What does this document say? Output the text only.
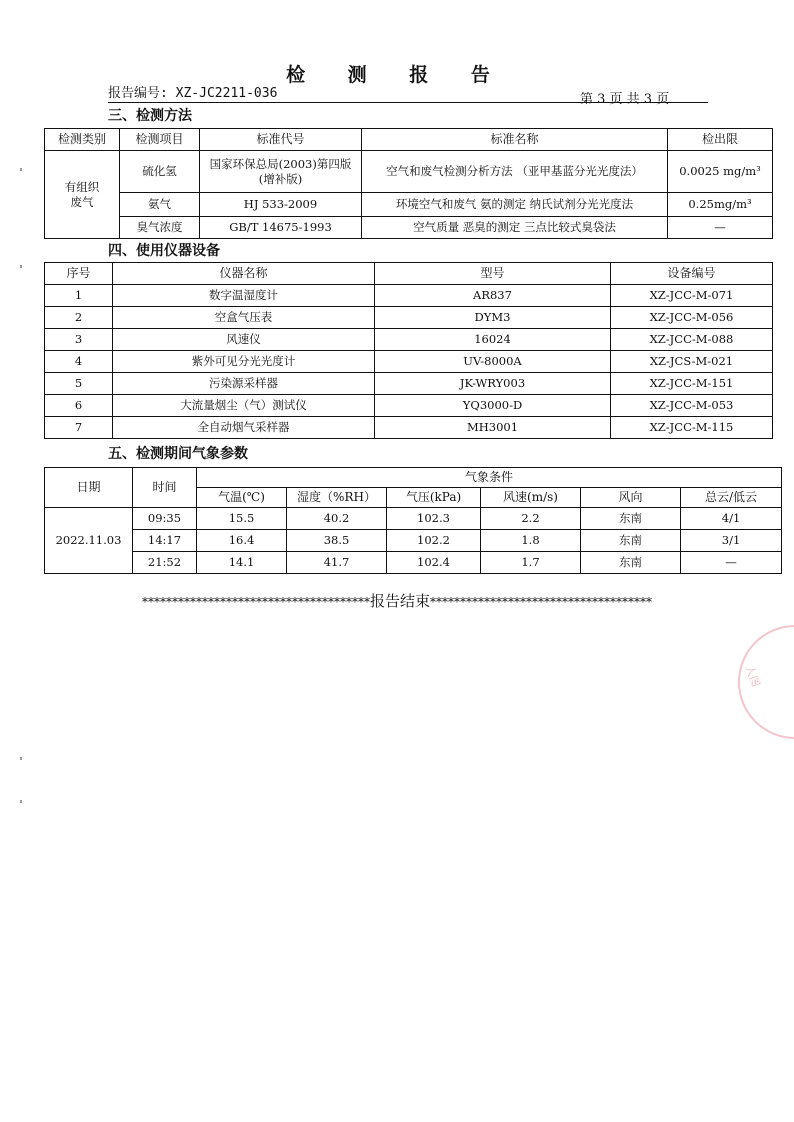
检 测 报 告
报告编号: XZ-JC2211-036	第 3 页 共 3 页
三、检测方法
检测类别	检测项目	标准代号	标准名称	检出限
有组织
废气	硫化氢	国家环保总局(2003)第四版(增补版)	空气和废气检测分析方法 （亚甲基蓝分光光度法）	0.0025 mg/m³
	氨气	HJ 533-2009	环境空气和废气 氨的测定 纳氏试剂分光光度法	0.25mg/m³
	臭气浓度	GB/T 14675-1993	空气质量 恶臭的测定 三点比较式臭袋法	—
四、使用仪器设备
序号	仪器名称	型号	设备编号
1	数字温湿度计	AR837	XZ-JCC-M-071
2	空盒气压表	DYM3	XZ-JCC-M-056
3	风速仪	16024	XZ-JCC-M-088
4	紫外可见分光光度计	UV-8000A	XZ-JCS-M-021
5	污染源采样器	JK-WRY003	XZ-JCC-M-151
6	大流量烟尘（气）测试仪	YQ3000-D	XZ-JCC-M-053
7	全自动烟气采样器	MH3001	XZ-JCC-M-115
五、检测期间气象参数
日期	时间	气象条件					
		气温(℃)	湿度（%RH）	气压(kPa)	风速(m/s)	风向	总云/低云
2022.11.03	09:35	15.5	40.2	102.3	2.2	东南	4/1
	14:17	16.4	38.5	102.2	1.8	东南	3/1
	21:52	14.1	41.7	102.4	1.7	东南	—
**************************************报告结束*************************************
人图
